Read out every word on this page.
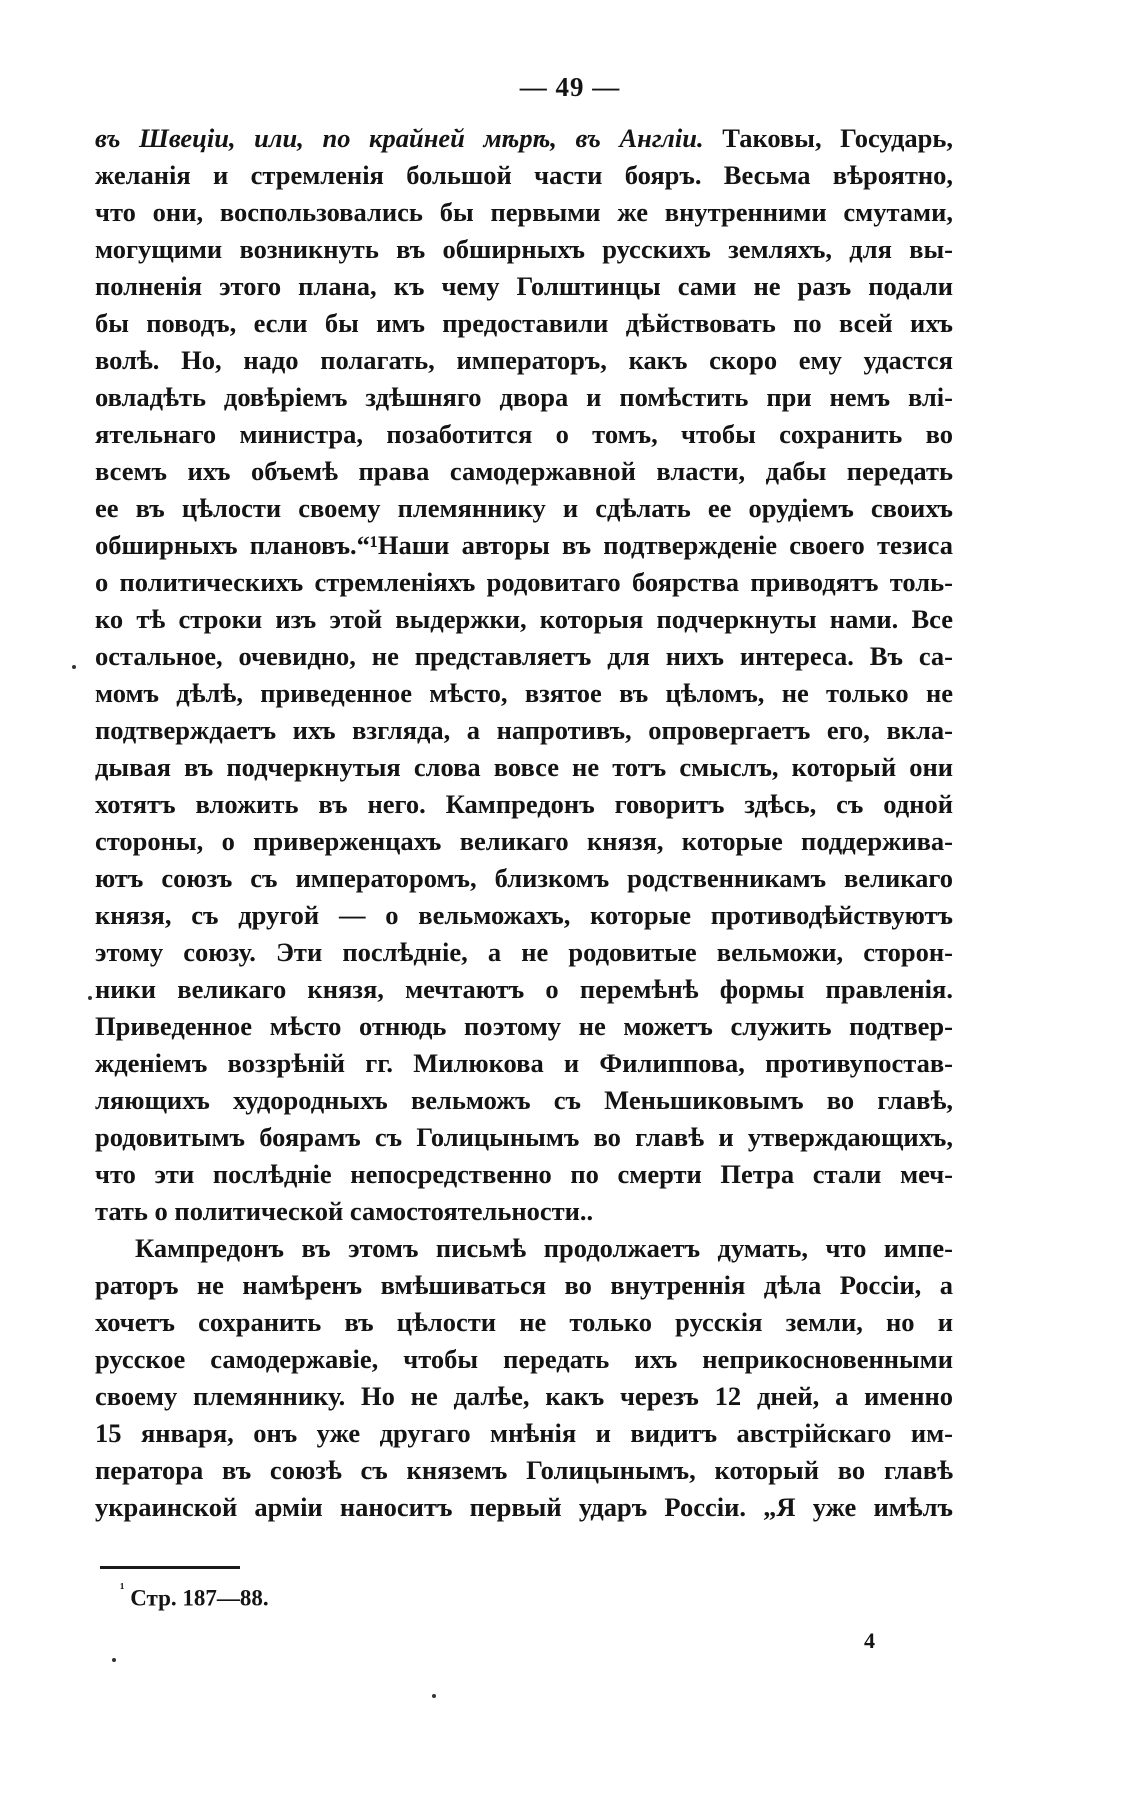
— 49 —
въ Швеціи, или, по крайней мѣрѣ, въ Англіи. Таковы, Государь,
желанія и стремленія большой части бояръ. Весьма вѣроятно,
что они, воспользовались бы первыми же внутренними смутами,
могущими возникнуть въ обширныхъ русскихъ земляхъ, для вы-
полненія этого плана, къ чему Голштинцы сами не разъ подали
бы поводъ, если бы имъ предоставили дѣйствовать по всей ихъ
волѣ. Но, надо полагать, императоръ, какъ скоро ему удастся
овладѣть довѣріемъ здѣшняго двора и помѣстить при немъ влі-
ятельнаго министра, позаботится о томъ, чтобы сохранить во
всемъ ихъ объемѣ права самодержавной власти, дабы передать
ее въ цѣлости своему племяннику и сдѣлать ее орудіемъ своихъ
обширныхъ плановъ.“¹Наши авторы въ подтвержденіе своего тезиса
о политическихъ стремленіяхъ родовитаго боярства приводятъ толь-
ко тѣ строки изъ этой выдержки, которыя подчеркнуты нами. Все
остальное, очевидно, не представляетъ для нихъ интереса. Въ са-
момъ дѣлѣ, приведенное мѣсто, взятое въ цѣломъ, не только не
подтверждаетъ ихъ взгляда, а напротивъ, опровергаетъ его, вкла-
дывая въ подчеркнутыя слова вовсе не тотъ смыслъ, который они
хотятъ вложить въ него. Кампредонъ говоритъ здѣсь, съ одной
стороны, о приверженцахъ великаго князя, которые поддержива-
ютъ союзъ съ императоромъ, близкомъ родственникамъ великаго
князя, съ другой — о вельможахъ, которые противодѣйствуютъ
этому союзу. Эти послѣдніе, а не родовитые вельможи, сторон-
ники великаго князя, мечтаютъ о перемѣнѣ формы правленія.
Приведенное мѣсто отнюдь поэтому не можетъ служить подтвер-
жденіемъ воззрѣній гг. Милюкова и Филиппова, противупостав-
ляющихъ худородныхъ вельможъ съ Меньшиковымъ во главѣ,
родовитымъ боярамъ съ Голицынымъ во главѣ и утверждающихъ,
что эти послѣдніе непосредственно по смерти Петра стали меч-
тать о политической самостоятельности..
Кампредонъ въ этомъ письмѣ продолжаетъ думать, что импе-
раторъ не намѣренъ вмѣшиваться во внутреннія дѣла Россіи, а
хочетъ сохранить въ цѣлости не только русскія земли, но и
русское самодержавіе, чтобы передать ихъ неприкосновенными
своему племяннику. Но не далѣе, какъ черезъ 12 дней, а именно
15 января, онъ уже другаго мнѣнія и видитъ австрійскаго им-
ператора въ союзѣ съ княземъ Голицынымъ, который во главѣ
украинской арміи наноситъ первый ударъ Россіи. „Я уже имѣлъ
$^{^1}$ Стр. 187—88.
4
